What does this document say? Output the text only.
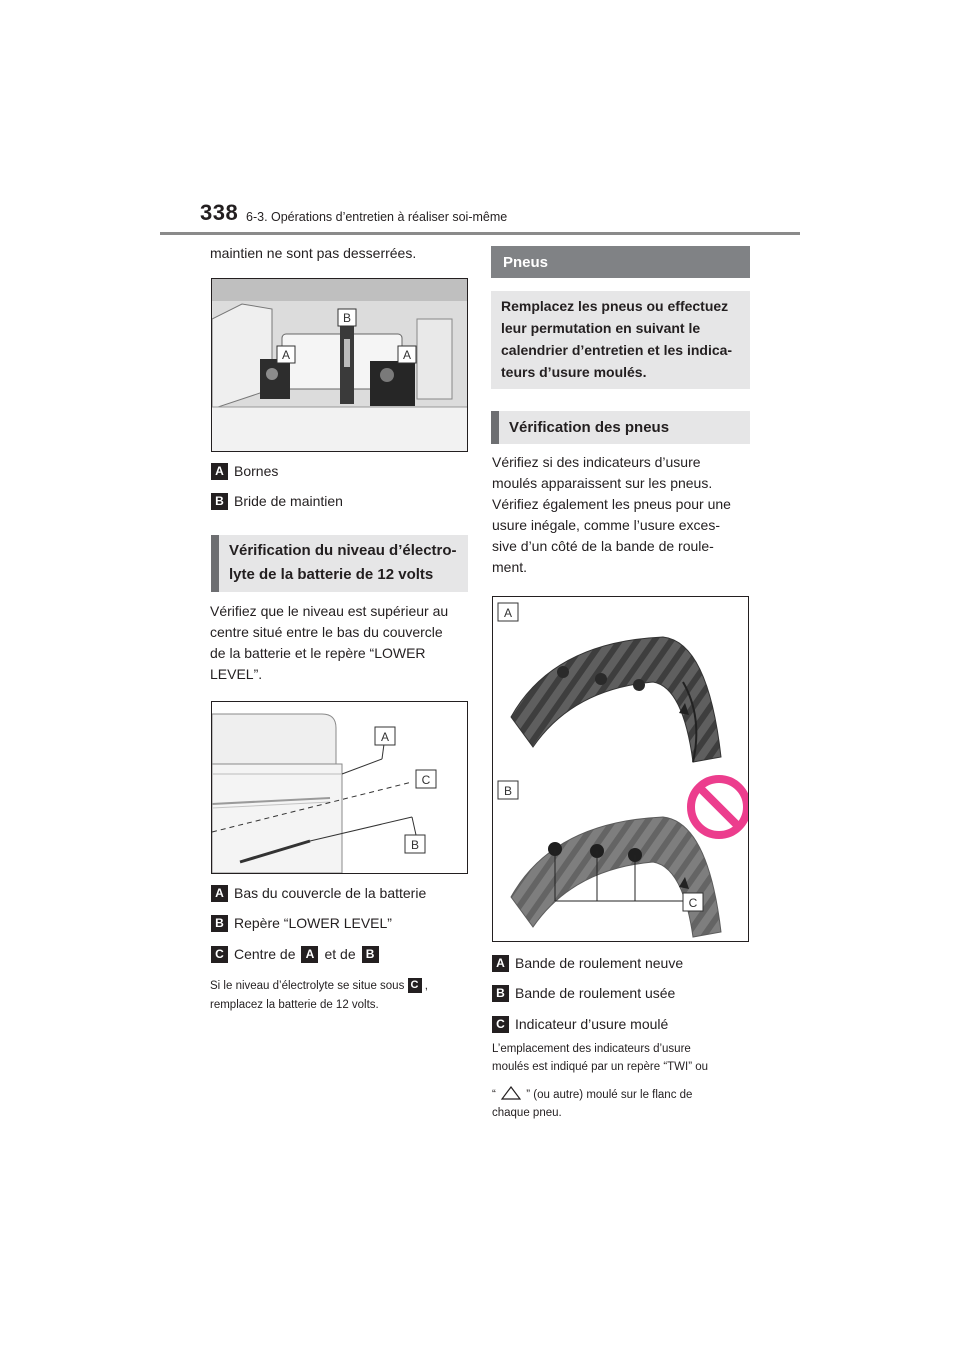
338 6-3. Opérations d’entretien à réaliser soi-même
maintien ne sont pas desserrées.
B
A	A
A Bornes
B Bride de maintien
Vérification du niveau d’électro-
lyte de la batterie de 12 volts
Vérifiez que le niveau est supérieur au
centre situé entre le bas du couvercle
de la batterie et le repère “LOWER
LEVEL”.
A
C
B
A Bas du couvercle de la batterie
B Repère “LOWER LEVEL”
C Centre de A et de B
Si le niveau d’électrolyte se situe sous C ,
remplacez la batterie de 12 volts.
Pneus
Remplacez les pneus ou effectuez
leur permutation en suivant le
calendrier d’entretien et les indica-
teurs d’usure moulés.
Vérification des pneus
Vérifiez si des indicateurs d’usure
moulés apparaissent sur les pneus.
Vérifiez également les pneus pour une
usure inégale, comme l’usure exces-
sive d’un côté de la bande de roule-
ment.
A
B
C
A Bande de roulement neuve
B Bande de roulement usée
C Indicateur d’usure moulé
L’emplacement des indicateurs d’usure
moulés est indiqué par un repère “TWI” ou
“	” (ou autre) moulé sur le flanc de
chaque pneu.
